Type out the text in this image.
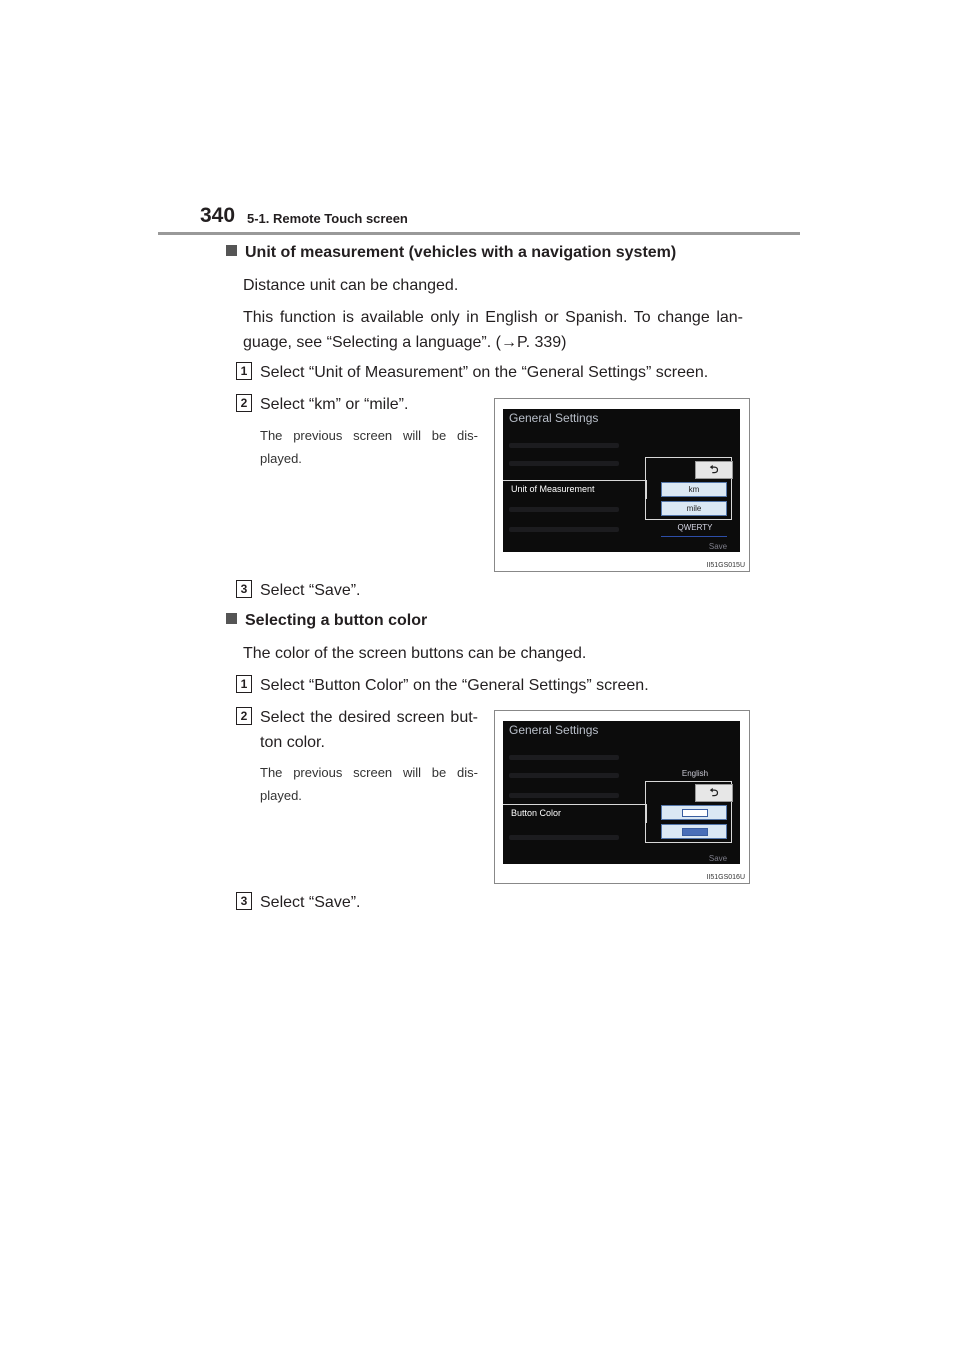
340 5-1. Remote Touch screen
Unit of measurement (vehicles with a navigation system)
Distance unit can be changed.
This function is available only in English or Spanish. To change lan-guage, see “Selecting a language”. (→P. 339)
1 Select “Unit of Measurement” on the “General Settings” screen.
2 Select “km” or “mile”.
The previous screen will be dis-played.
General Settings
Unit of Measurement
⮌
km
mile
QWERTY
Save
II51GS015U
3 Select “Save”.
Selecting a button color
The color of the screen buttons can be changed.
1 Select “Button Color” on the “General Settings” screen.
2 Select the desired screen but-ton color.
The previous screen will be dis-played.
General Settings
English
Button Color
⮌
Save
II51GS016U
3 Select “Save”.
